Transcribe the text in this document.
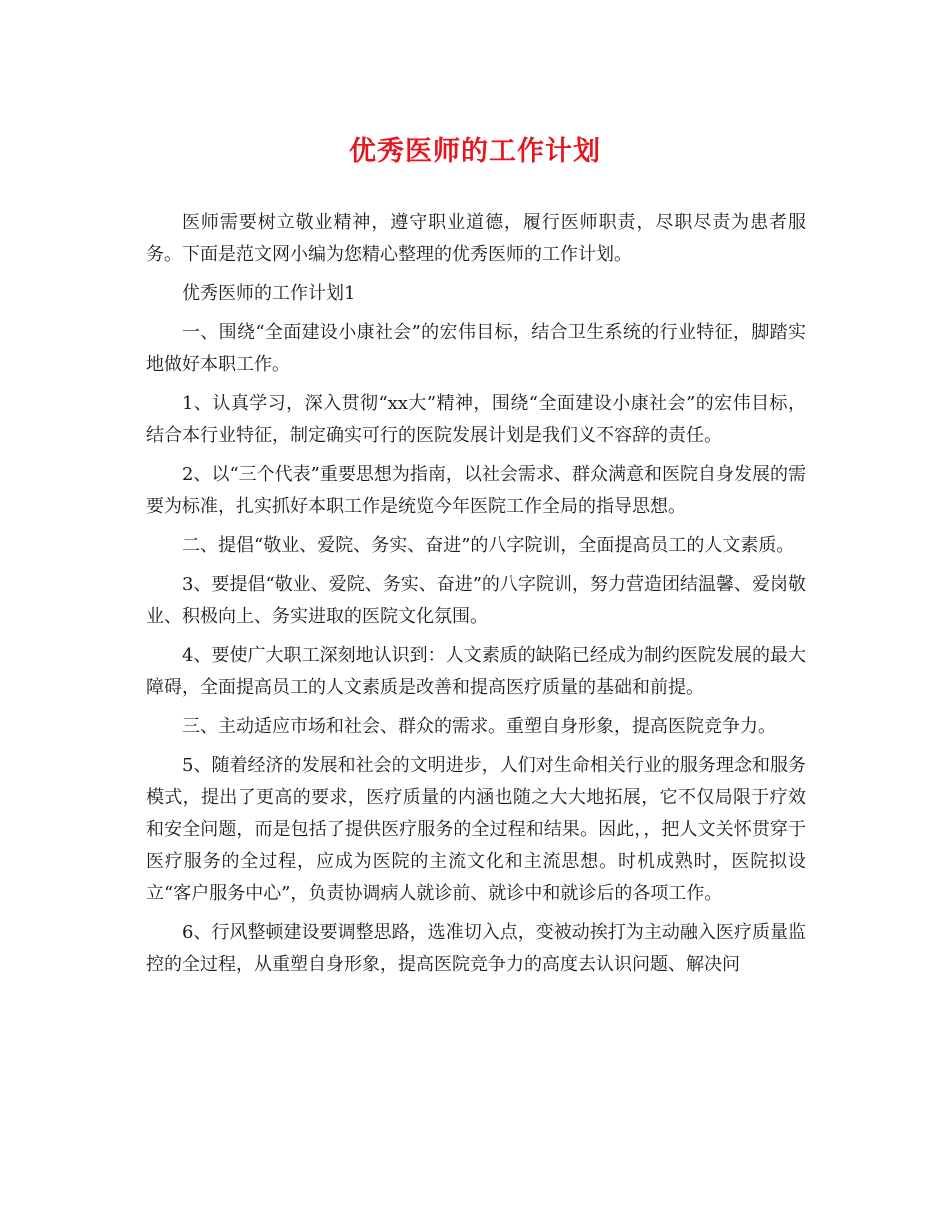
优秀医师的工作计划

医师需要树立敬业精神，遵守职业道德，履行医师职责，尽职尽责为患者服务。下面是范文网小编为您精心整理的优秀医师的工作计划。

优秀医师的工作计划1

一、围绕“全面建设小康社会”的宏伟目标，结合卫生系统的行业特征，脚踏实地做好本职工作。

1、认真学习，深入贯彻“xx大”精神，围绕“全面建设小康社会”的宏伟目标，结合本行业特征，制定确实可行的医院发展计划是我们义不容辞的责任。

2、以“三个代表”重要思想为指南，以社会需求、群众满意和医院自身发展的需要为标准，扎实抓好本职工作是统览今年医院工作全局的指导思想。

二、提倡“敬业、爱院、务实、奋进”的八字院训，全面提高员工的人文素质。

3、要提倡“敬业、爱院、务实、奋进”的八字院训，努力营造团结温馨、爱岗敬业、积极向上、务实进取的医院文化氛围。

4、要使广大职工深刻地认识到：人文素质的缺陷已经成为制约医院发展的最大障碍，全面提高员工的人文素质是改善和提高医疗质量的基础和前提。

三、主动适应市场和社会、群众的需求。重塑自身形象，提高医院竞争力。

5、随着经济的发展和社会的文明进步，人们对生命相关行业的服务理念和服务模式，提出了更高的要求，医疗质量的内涵也随之大大地拓展，它不仅局限于疗效和安全问题，而是包括了提供医疗服务的全过程和结果。因此，，把人文关怀贯穿于医疗服务的全过程，应成为医院的主流文化和主流思想。时机成熟时，医院拟设立“客户服务中心”，负责协调病人就诊前、就诊中和就诊后的各项工作。

6、行风整顿建设要调整思路，选准切入点，变被动挨打为主动融入医疗质量监控的全过程，从重塑自身形象，提高医院竞争力的高度去认识问题、解决问
